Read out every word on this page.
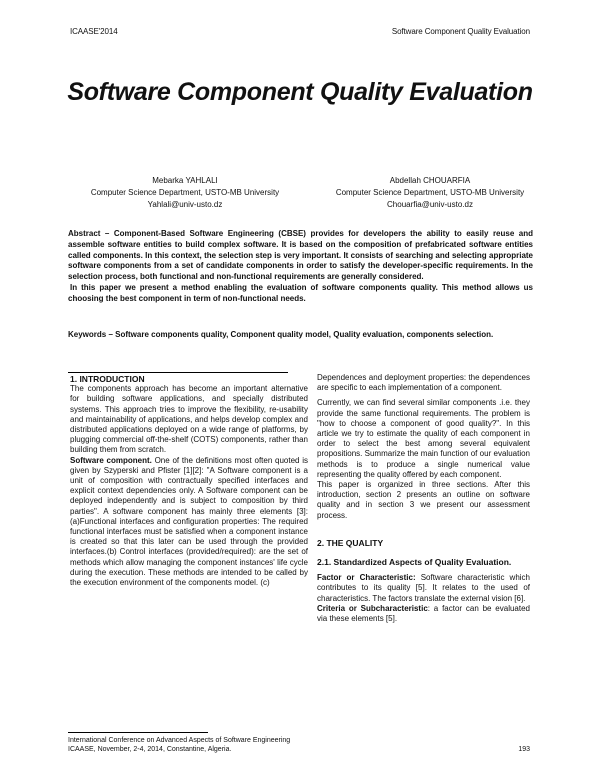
ICAASE'2014	Software Component Quality Evaluation
Software Component Quality Evaluation
Mebarka YAHLALI
Computer Science Department, USTO-MB University
Yahlali@univ-usto.dz
Abdellah CHOUARFIA
Computer Science Department, USTO-MB University
Chouarfia@univ-usto.dz

Abstract – Component-Based Software Engineering (CBSE) provides for developers the ability to easily reuse and assemble software entities to build complex software. It is based on the composition of prefabricated software entities called components. In this context, the selection step is very important. It consists of searching and selecting appropriate software components from a set of candidate components in order to satisfy the developer-specific requirements. In the selection process, both functional and non-functional requirements are generally considered.

In this paper we present a method enabling the evaluation of software components quality. This method allows us choosing the best component in term of non-functional needs.

Keywords – Software components quality, Component quality model, Quality evaluation, components selection.
1. INTRODUCTION

The components approach has become an important alternative for building software applications, and specially distributed systems. This approach tries to improve the flexibility, re-usability and maintainability of applications, and helps develop complex and distributed applications deployed on a wide range of platforms, by plugging commercial off-the-shelf (COTS) components, rather than building them from scratch.

Software component. One of the definitions most often quoted is given by Szyperski and Pfister [1][2]: "A Software component is a unit of composition with contractually specified interfaces and explicit context dependencies only. A Software component can be deployed independently and is subject to composition by third parties". A software component has mainly three elements [3]: (a)Functional interfaces and configuration properties: The required functional interfaces must be satisfied when a component instance is created so that this later can be used through the provided interfaces.(b) Control interfaces (provided/required): are the set of methods which allow managing the component instances' life cycle during the execution. These methods are intended to be called by the execution environment of the components model. (c)

Dependences and deployment properties: the dependences are specific to each implementation of a component.

Currently, we can find several similar components .i.e. they provide the same functional requirements. The problem is "how to choose a component of good quality?". In this article we try to estimate the quality of each component in order to select the best among several equivalent propositions. Summarize the main function of our evaluation methods is to produce a single numerical value representing the quality offered by each component.

This paper is organized in three sections. After this introduction, section 2 presents an outline on software quality and in section 3 we present our assessment process.

2. THE QUALITY
2.1. Standardized Aspects of Quality Evaluation.

Factor or Characteristic: Software characteristic which contributes to its quality [5]. It relates to the used of characteristics. The factors translate the external vision [6].

Criteria or Subcharacteristic: a factor can be evaluated via these elements [5].

International Conference on Advanced Aspects of Software Engineering
ICAASE, November, 2-4, 2014, Constantine, Algeria.	193
